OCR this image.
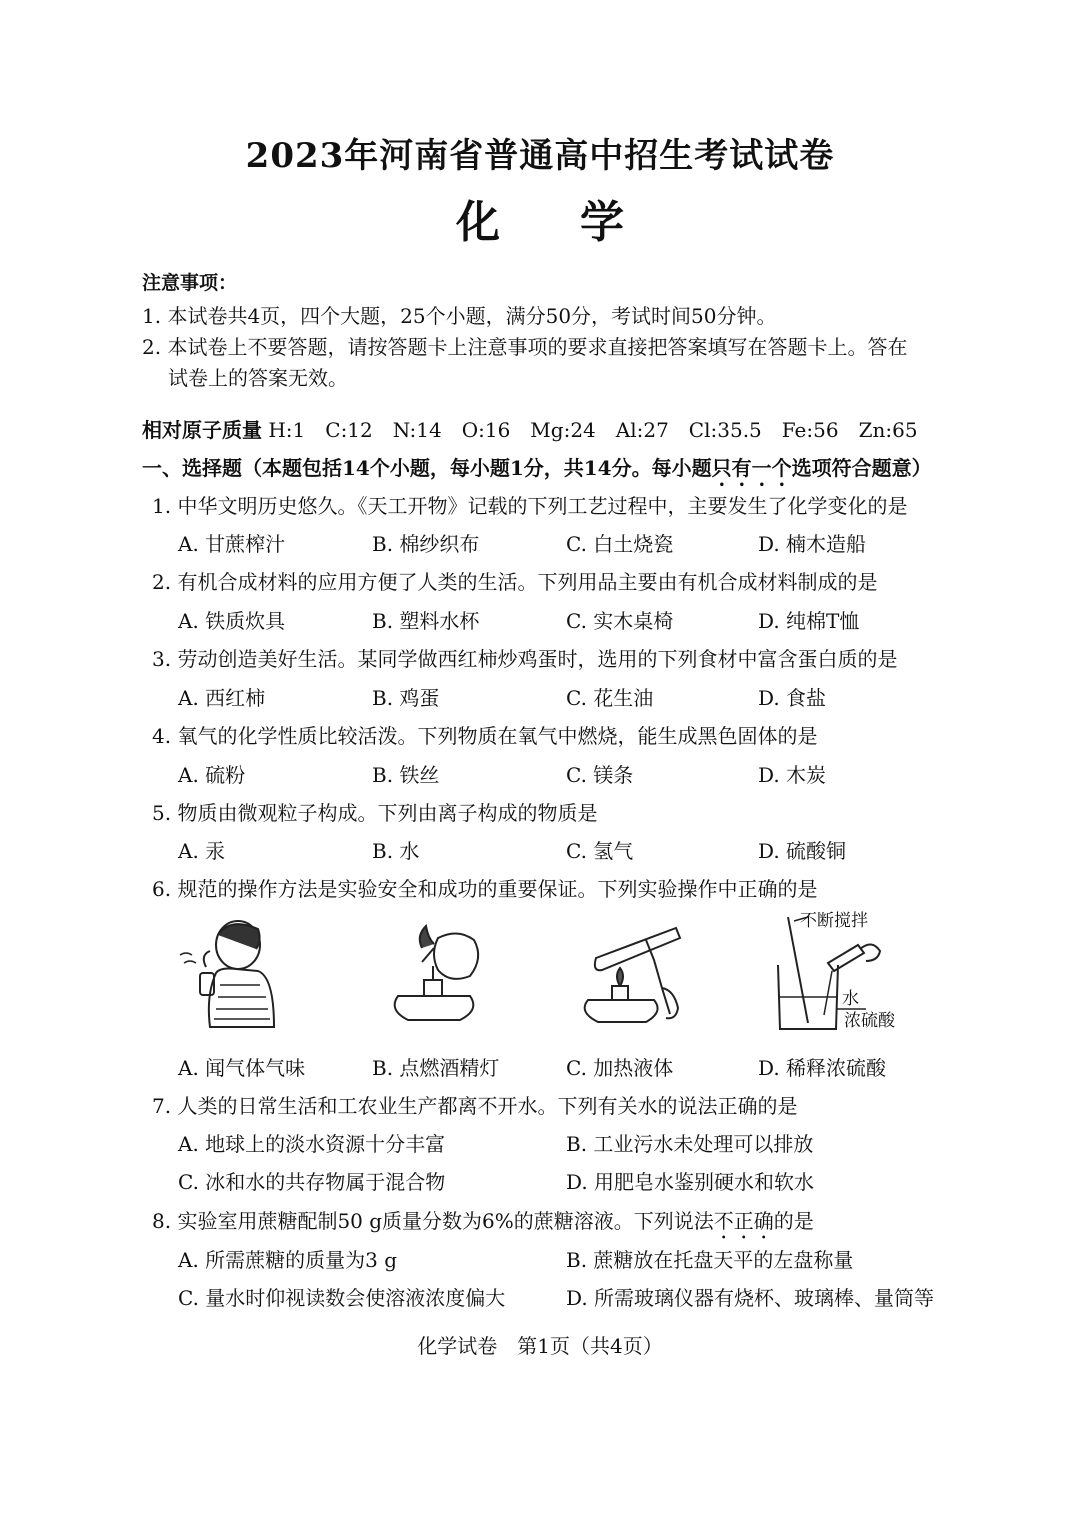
2023年河南省普通高中招生考试试卷
化 学
注意事项：
1. 本试卷共4页，四个大题，25个小题，满分50分，考试时间50分钟。
2. 本试卷上不要答题，请按答题卡上注意事项的要求直接把答案填写在答题卡上。答在
试卷上的答案无效。
相对原子质量 H:1　C:12　N:14　O:16　Mg:24　Al:27　Cl:35.5　Fe:56　Zn:65
一、选择题（本题包括14个小题，每小题1分，共14分。每小题只有一个选项符合题意）
1. 中华文明历史悠久。《天工开物》记载的下列工艺过程中，主要发生了化学变化的是
A. 甘蔗榨汁	B. 棉纱织布	C. 白土烧瓷	D. 楠木造船
2. 有机合成材料的应用方便了人类的生活。下列用品主要由有机合成材料制成的是
A. 铁质炊具	B. 塑料水杯	C. 实木桌椅	D. 纯棉T恤
3. 劳动创造美好生活。某同学做西红柿炒鸡蛋时，选用的下列食材中富含蛋白质的是
A. 西红柿	B. 鸡蛋	C. 花生油	D. 食盐
4. 氧气的化学性质比较活泼。下列物质在氧气中燃烧，能生成黑色固体的是
A. 硫粉	B. 铁丝	C. 镁条	D. 木炭
5. 物质由微观粒子构成。下列由离子构成的物质是
A. 汞	B. 水	C. 氢气	D. 硫酸铜
6. 规范的操作方法是实验安全和成功的重要保证。下列实验操作中正确的是
不断搅拌
水
浓硫酸
A. 闻气体气味	B. 点燃酒精灯	C. 加热液体	D. 稀释浓硫酸
7. 人类的日常生活和工农业生产都离不开水。下列有关水的说法正确的是
A. 地球上的淡水资源十分丰富	B. 工业污水未处理可以排放
C. 冰和水的共存物属于混合物	D. 用肥皂水鉴别硬水和软水
8. 实验室用蔗糖配制50 g质量分数为6%的蔗糖溶液。下列说法不正确的是
A. 所需蔗糖的质量为3 g	B. 蔗糖放在托盘天平的左盘称量
C. 量水时仰视读数会使溶液浓度偏大	D. 所需玻璃仪器有烧杯、玻璃棒、量筒等
化学试卷　第1页（共4页）
